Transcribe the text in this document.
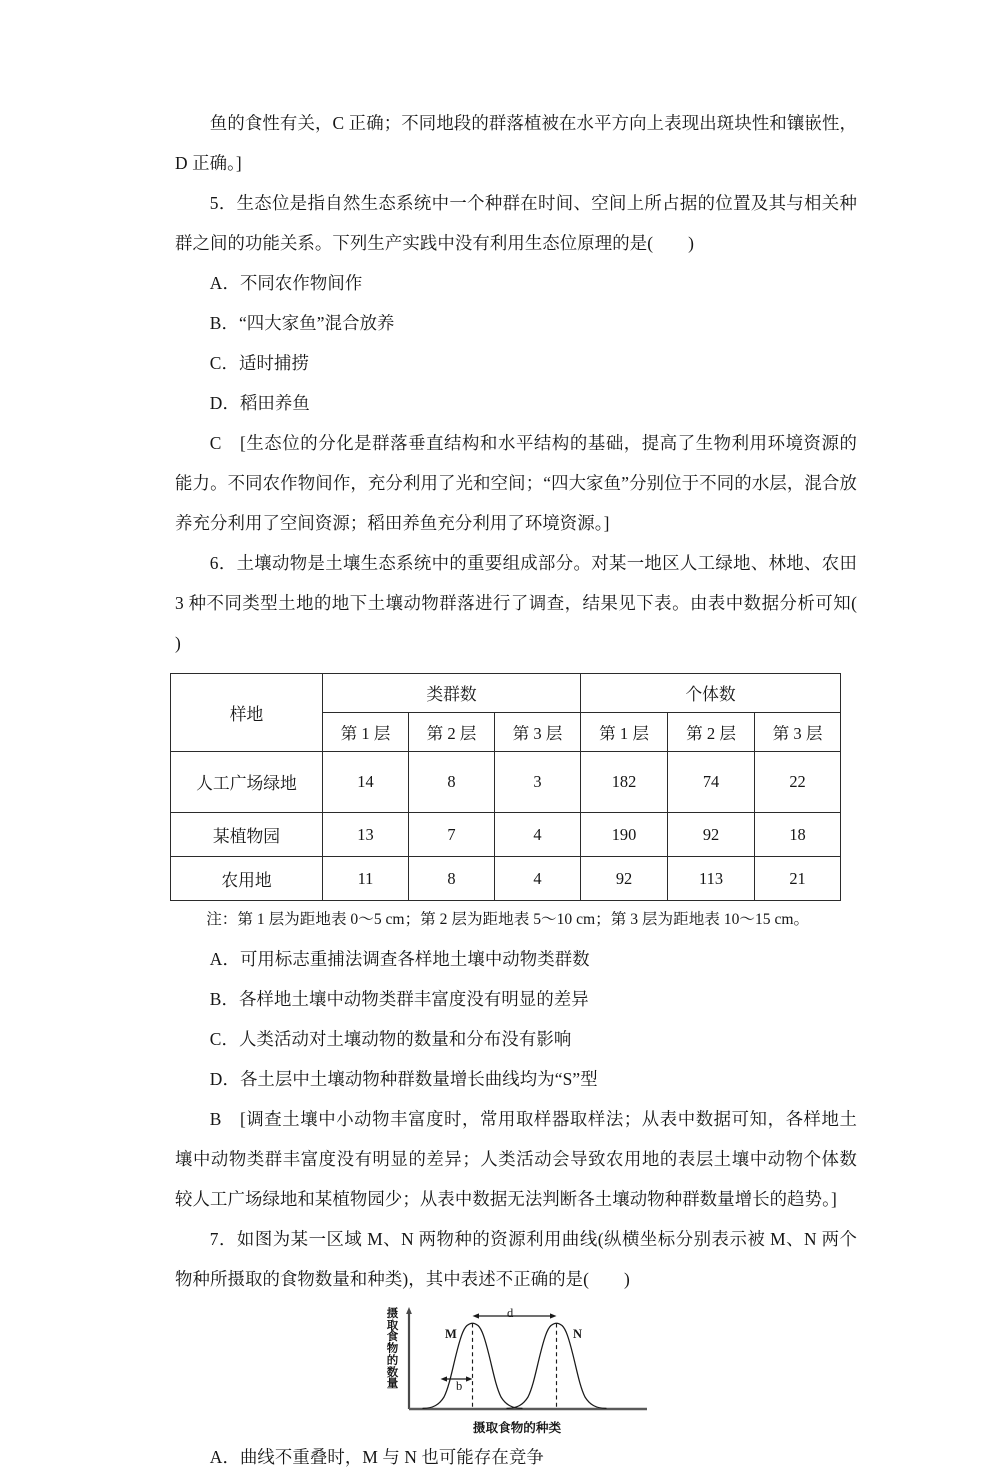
鱼的食性有关，C 正确；不同地段的群落植被在水平方向上表现出斑块性和镶嵌性，D 正确。]

5．生态位是指自然生态系统中一个种群在时间、空间上所占据的位置及其与相关种群之间的功能关系。下列生产实践中没有利用生态位原理的是(　　)

A．不同农作物间作

B．“四大家鱼”混合放养

C．适时捕捞

D．稻田养鱼

C　[生态位的分化是群落垂直结构和水平结构的基础，提高了生物利用环境资源的能力。不同农作物间作，充分利用了光和空间；“四大家鱼”分别位于不同的水层，混合放养充分利用了空间资源；稻田养鱼充分利用了环境资源。]

6．土壤动物是土壤生态系统中的重要组成部分。对某一地区人工绿地、林地、农田 3 种不同类型土地的地下土壤动物群落进行了调查，结果见下表。由表中数据分析可知(　　)

样地	类群数			个体数		
	第 1 层	第 2 层	第 3 层	第 1 层	第 2 层	第 3 层
人工广场绿地	14	8	3	182	74	22
某植物园	13	7	4	190	92	18
农用地	11	8	4	92	113	21

注：第 1 层为距地表 0～5 cm；第 2 层为距地表 5～10 cm；第 3 层为距地表 10～15 cm。

A．可用标志重捕法调查各样地土壤中动物类群数

B．各样地土壤中动物类群丰富度没有明显的差异

C．人类活动对土壤动物的数量和分布没有影响

D．各土层中土壤动物种群数量增长曲线均为“S”型

B　[调查土壤中小动物丰富度时，常用取样器取样法；从表中数据可知，各样地土壤中动物类群丰富度没有明显的差异；人类活动会导致农用地的表层土壤中动物个体数较人工广场绿地和某植物园少；从表中数据无法判断各土壤动物种群数量增长的趋势。]

7．如图为某一区域 M、N 两物种的资源利用曲线(纵横坐标分别表示被 M、N 两个物种所摄取的食物数量和种类)，其中表述不正确的是(　　)

摄
取
食
物
的
数
量
M	N
d
b
摄取食物的种类

A．曲线不重叠时，M 与 N 也可能存在竞争
